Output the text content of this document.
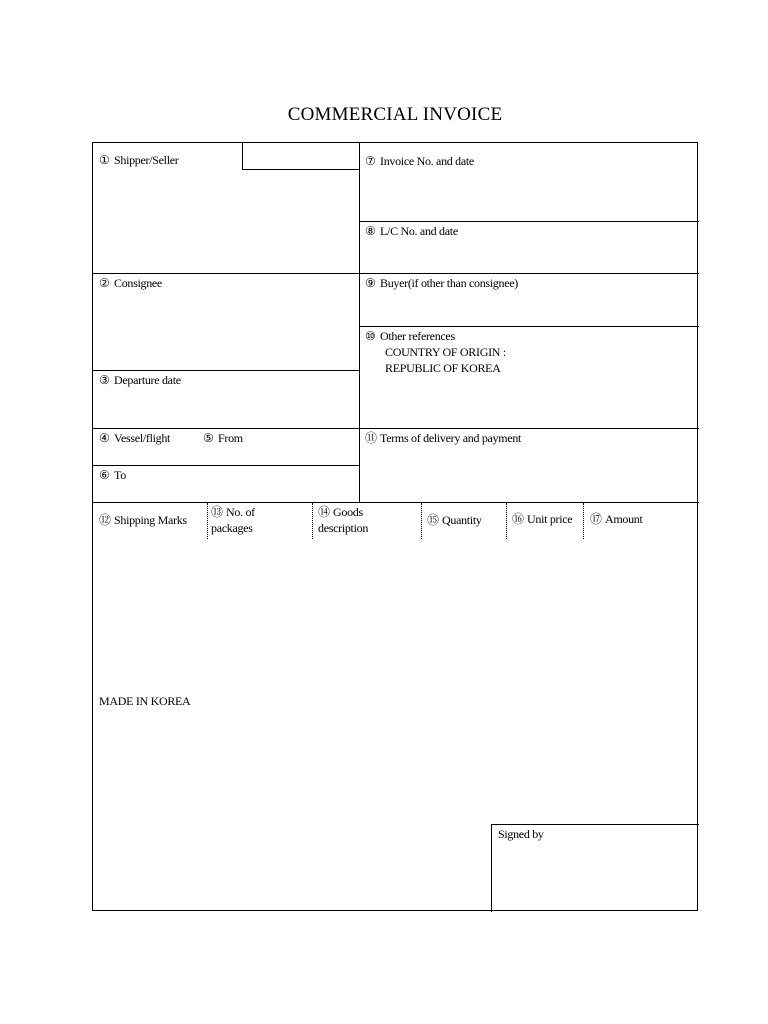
COMMERCIAL INVOICE
① Shipper/Seller
② Consignee
③ Departure date
④ Vessel/flight	⑤ From
⑥ To
⑦ Invoice No. and date
⑧ L/C No. and date
⑨ Buyer(if other than consignee)
⑩ Other references
COUNTRY OF ORIGIN :
REPUBLIC OF KOREA
⑪ Terms of delivery and payment
⑫ Shipping Marks
⑬ No. of
packages
⑭ Goods
description
⑮ Quantity	⑯ Unit price ⑰ Amount
MADE IN KOREA
Signed by
